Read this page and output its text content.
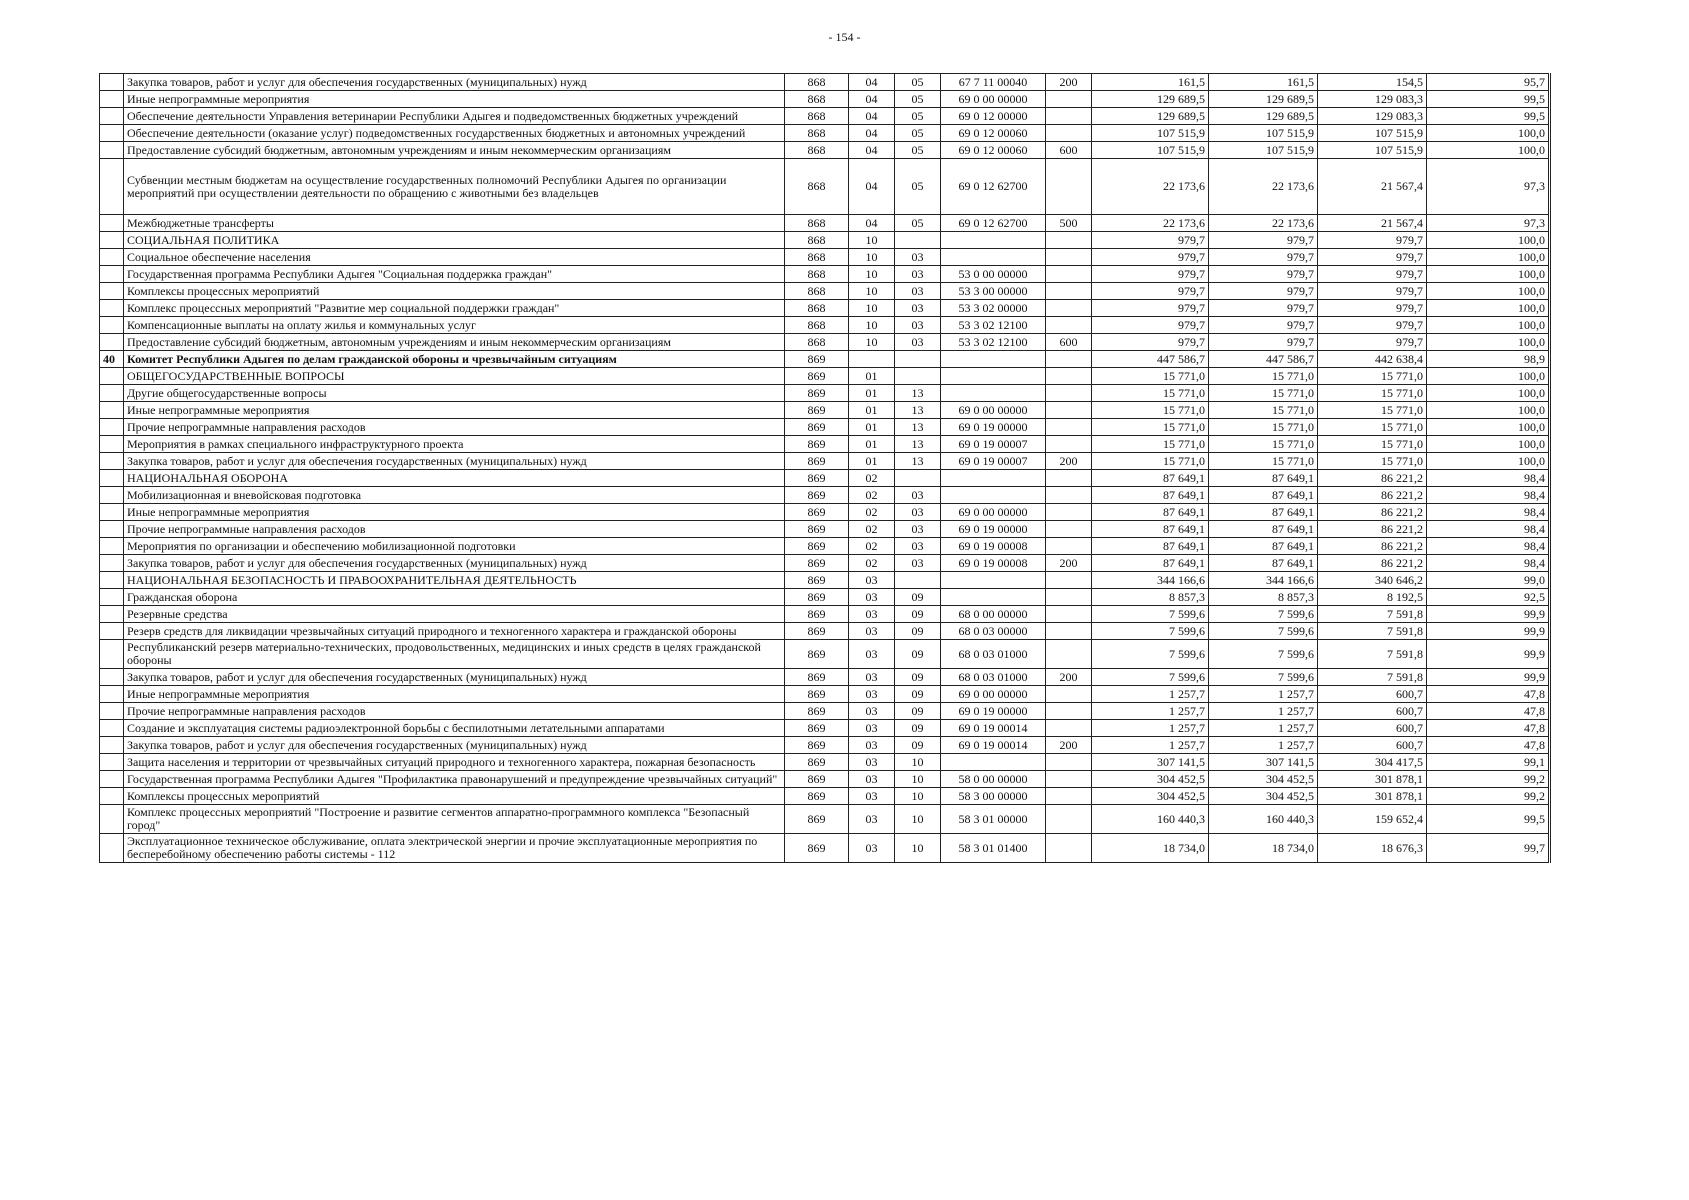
- 154 -
	Закупка товаров, работ и услуг для обеспечения государственных (муниципальных) нужд	868	04	05	67 7 11 00040	200	161,5	161,5	154,5	95,7
	Иные непрограммные мероприятия	868	04	05	69 0 00 00000		129 689,5	129 689,5	129 083,3	99,5
	Обеспечение деятельности Управления ветеринарии Республики Адыгея и подведомственных бюджетных учреждений	868	04	05	69 0 12 00000		129 689,5	129 689,5	129 083,3	99,5
	Обеспечение деятельности (оказание услуг) подведомственных государственных бюджетных и автономных учреждений	868	04	05	69 0 12 00060		107 515,9	107 515,9	107 515,9	100,0
	Предоставление субсидий бюджетным, автономным учреждениям и иным некоммерческим организациям	868	04	05	69 0 12 00060	600	107 515,9	107 515,9	107 515,9	100,0
	Субвенции местным бюджетам на осуществление государственных полномочий Республики Адыгея по организации мероприятий при осуществлении деятельности по обращению с животными без владельцев	868	04	05	69 0 12 62700		22 173,6	22 173,6	21 567,4	97,3
	Межбюджетные трансферты	868	04	05	69 0 12 62700	500	22 173,6	22 173,6	21 567,4	97,3
	СОЦИАЛЬНАЯ ПОЛИТИКА	868	10				979,7	979,7	979,7	100,0
	Социальное обеспечение населения	868	10	03			979,7	979,7	979,7	100,0
	Государственная программа Республики Адыгея "Социальная поддержка граждан"	868	10	03	53 0 00 00000		979,7	979,7	979,7	100,0
	Комплексы процессных мероприятий	868	10	03	53 3 00 00000		979,7	979,7	979,7	100,0
	Комплекс процессных мероприятий "Развитие мер социальной поддержки граждан"	868	10	03	53 3 02 00000		979,7	979,7	979,7	100,0
	Компенсационные выплаты на оплату жилья и коммунальных услуг	868	10	03	53 3 02 12100		979,7	979,7	979,7	100,0
	Предоставление субсидий бюджетным, автономным учреждениям и иным некоммерческим организациям	868	10	03	53 3 02 12100	600	979,7	979,7	979,7	100,0
40	Комитет Республики Адыгея по делам гражданской обороны и чрезвычайным ситуациям	869					447 586,7	447 586,7	442 638,4	98,9
	ОБЩЕГОСУДАРСТВЕННЫЕ ВОПРОСЫ	869	01				15 771,0	15 771,0	15 771,0	100,0
	Другие общегосударственные вопросы	869	01	13			15 771,0	15 771,0	15 771,0	100,0
	Иные непрограммные мероприятия	869	01	13	69 0 00 00000		15 771,0	15 771,0	15 771,0	100,0
	Прочие непрограммные направления расходов	869	01	13	69 0 19 00000		15 771,0	15 771,0	15 771,0	100,0
	Мероприятия в рамках специального инфраструктурного проекта	869	01	13	69 0 19 00007		15 771,0	15 771,0	15 771,0	100,0
	Закупка товаров, работ и услуг для обеспечения государственных (муниципальных) нужд	869	01	13	69 0 19 00007	200	15 771,0	15 771,0	15 771,0	100,0
	НАЦИОНАЛЬНАЯ ОБОРОНА	869	02				87 649,1	87 649,1	86 221,2	98,4
	Мобилизационная и вневойсковая подготовка	869	02	03			87 649,1	87 649,1	86 221,2	98,4
	Иные непрограммные мероприятия	869	02	03	69 0 00 00000		87 649,1	87 649,1	86 221,2	98,4
	Прочие непрограммные направления расходов	869	02	03	69 0 19 00000		87 649,1	87 649,1	86 221,2	98,4
	Мероприятия по организации и обеспечению мобилизационной подготовки	869	02	03	69 0 19 00008		87 649,1	87 649,1	86 221,2	98,4
	Закупка товаров, работ и услуг для обеспечения государственных (муниципальных) нужд	869	02	03	69 0 19 00008	200	87 649,1	87 649,1	86 221,2	98,4
	НАЦИОНАЛЬНАЯ БЕЗОПАСНОСТЬ И ПРАВООХРАНИТЕЛЬНАЯ ДЕЯТЕЛЬНОСТЬ	869	03				344 166,6	344 166,6	340 646,2	99,0
	Гражданская оборона	869	03	09			8 857,3	8 857,3	8 192,5	92,5
	Резервные средства	869	03	09	68 0 00 00000		7 599,6	7 599,6	7 591,8	99,9
	Резерв средств для ликвидации чрезвычайных ситуаций природного и техногенного характера и гражданской обороны	869	03	09	68 0 03 00000		7 599,6	7 599,6	7 591,8	99,9
	Республиканский резерв материально-технических, продовольственных, медицинских и иных средств в целях гражданской обороны	869	03	09	68 0 03 01000		7 599,6	7 599,6	7 591,8	99,9
	Закупка товаров, работ и услуг для обеспечения государственных (муниципальных) нужд	869	03	09	68 0 03 01000	200	7 599,6	7 599,6	7 591,8	99,9
	Иные непрограммные мероприятия	869	03	09	69 0 00 00000		1 257,7	1 257,7	600,7	47,8
	Прочие непрограммные направления расходов	869	03	09	69 0 19 00000		1 257,7	1 257,7	600,7	47,8
	Создание и эксплуатация системы радиоэлектронной борьбы с беспилотными летательными аппаратами	869	03	09	69 0 19 00014		1 257,7	1 257,7	600,7	47,8
	Закупка товаров, работ и услуг для обеспечения государственных (муниципальных) нужд	869	03	09	69 0 19 00014	200	1 257,7	1 257,7	600,7	47,8
	Защита населения и территории от чрезвычайных ситуаций природного и техногенного характера, пожарная безопасность	869	03	10			307 141,5	307 141,5	304 417,5	99,1
	Государственная программа Республики Адыгея "Профилактика правонарушений и предупреждение чрезвычайных ситуаций"	869	03	10	58 0 00 00000		304 452,5	304 452,5	301 878,1	99,2
	Комплексы процессных мероприятий	869	03	10	58 3 00 00000		304 452,5	304 452,5	301 878,1	99,2
	Комплекс процессных мероприятий "Построение и развитие сегментов аппаратно-программного комплекса "Безопасный город"	869	03	10	58 3 01 00000		160 440,3	160 440,3	159 652,4	99,5
	Эксплуатационное техническое обслуживание, оплата электрической энергии и прочие эксплуатационные мероприятия по бесперебойному обеспечению работы системы - 112	869	03	10	58 3 01 01400		18 734,0	18 734,0	18 676,3	99,7
